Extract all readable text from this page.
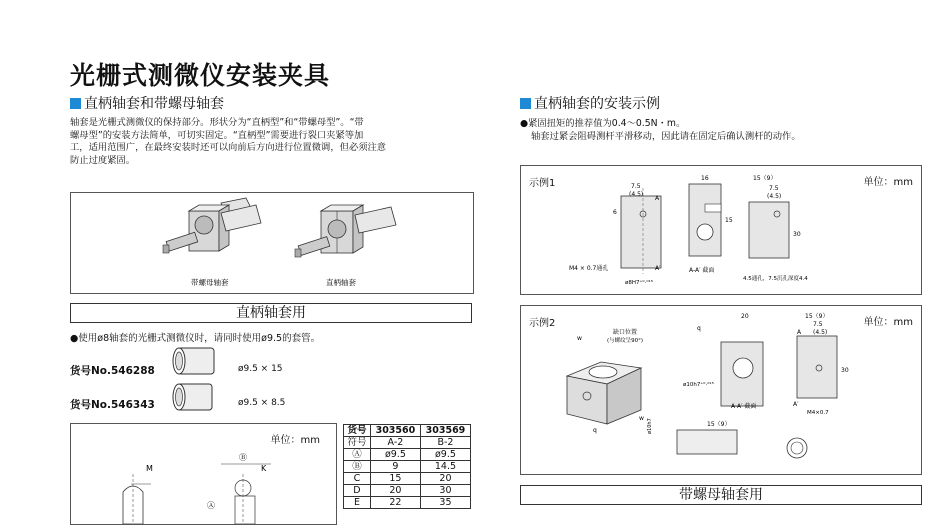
光栅式测微仪安装夹具
直柄轴套和带螺母轴套
轴套是光栅式测微仪的保持部分。形状分为“直柄型”和“带螺母型”。“带
螺母型”的安装方法简单，可切实固定。“直柄型”需要进行裂口夹紧等加
工，适用范围广，在最终安装时还可以向前后方向进行位置微调，但必须注意
防止过度紧固。
带螺母轴套	直柄轴套
直柄轴套用
●使用ø8轴套的光栅式测微仪时，请同时使用ø9.5的套管。
货号No.546288	ø9.5 × 15
货号No.546343	ø9.5 × 8.5
单位：mm
M
Ⓑ
K
Ⓐ
货号	303560	303569
符号	A-2	B-2
Ⓐ	ø9.5	ø9.5
Ⓑ	9	14.5
C	15	20
D	20	30
E	22	35
直柄轴套的安装示例
●紧固扭矩的推荐值为0.4～0.5N・m。
轴套过紧会阻碍测杆平滑移动，因此请在固定后确认测杆的动作。
示例1	单位：mm
7.5
(4.5)
A
6
M4 × 0.7通孔
ø8H7⁺⁰·⁰¹⁵
A′
16
15
A-A′ 截面
15（9）
7.5
(4.5)
30
4.5通孔，7.5沉孔深度4.4
示例2	单位：mm
w
q
缺口位置
(与螺纹呈90°)
20
q
ø10h7⁺⁰·⁰¹⁵
A-A′ 截面
15（9）
7.5
(4.5)
A
30
A′
M4×0.7
15（9）
w ø10h7
带螺母轴套用
